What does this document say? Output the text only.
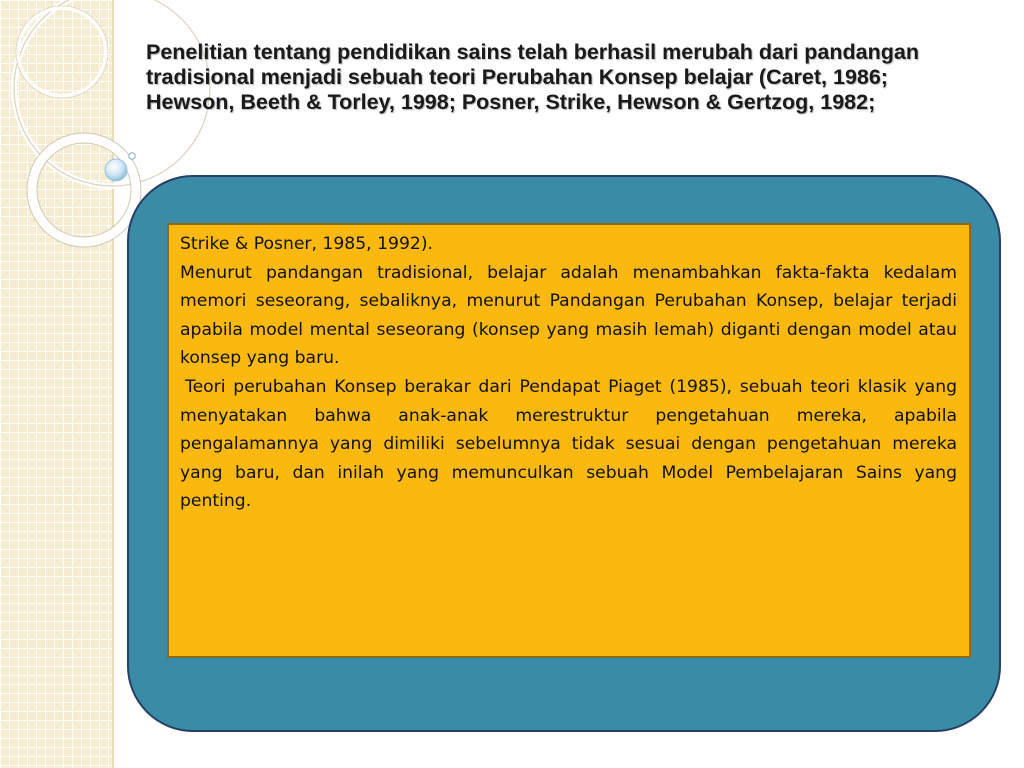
Penelitian tentang pendidikan sains telah berhasil merubah dari pandangan tradisional menjadi sebuah teori Perubahan Konsep belajar (Caret, 1986; Hewson, Beeth & Torley, 1998; Posner, Strike, Hewson & Gertzog, 1982;

Strike & Posner, 1985, 1992).

Menurut pandangan tradisional, belajar adalah menambahkan fakta-fakta kedalam memori seseorang, sebaliknya, menurut Pandangan Perubahan Konsep, belajar terjadi apabila model mental seseorang (konsep yang masih lemah) diganti dengan model atau konsep yang baru.

Teori perubahan Konsep berakar dari Pendapat Piaget (1985), sebuah teori klasik yang menyatakan bahwa anak-anak merestruktur pengetahuan mereka, apabila pengalamannya yang dimiliki sebelumnya tidak sesuai dengan pengetahuan mereka yang baru, dan inilah yang memunculkan sebuah Model Pembelajaran Sains yang penting.
